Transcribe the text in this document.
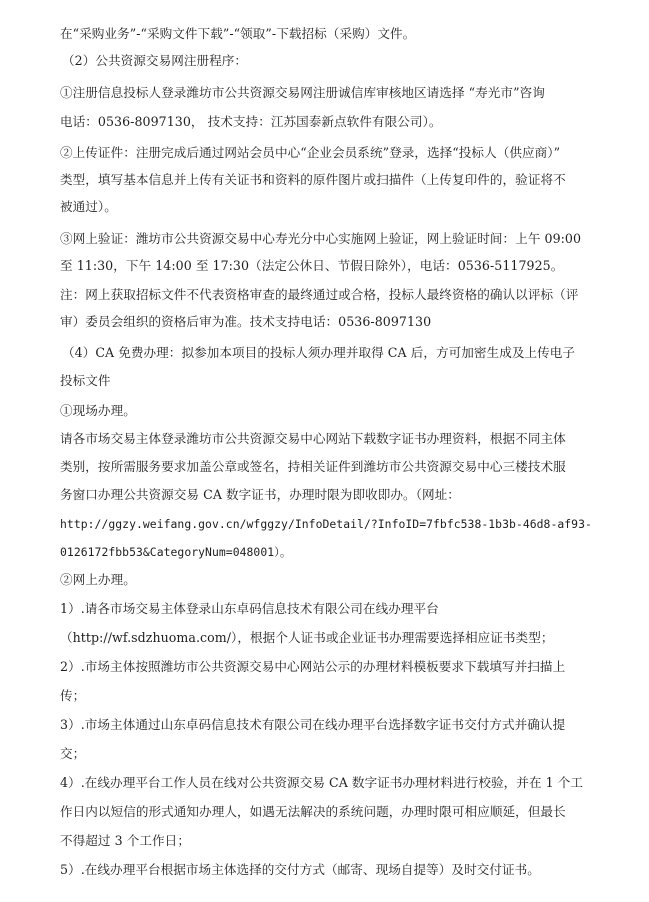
在“采购业务”-“采购文件下载”-“领取”-下载招标（采购）文件。
（2）公共资源交易网注册程序：
①注册信息投标人登录潍坊市公共资源交易网注册诚信库审核地区请选择 “寿光市”咨询
电话：0536-8097130， 技术支持：江苏国泰新点软件有限公司）。
②上传证件：注册完成后通过网站会员中心“企业会员系统”登录，选择“投标人（供应商）”
类型，填写基本信息并上传有关证书和资料的原件图片或扫描件（上传复印件的，验证将不
被通过）。
③网上验证：潍坊市公共资源交易中心寿光分中心实施网上验证，网上验证时间：上午 09:00
至 11:30，下午 14:00 至 17:30（法定公休日、节假日除外），电话：0536-5117925。
注：网上获取招标文件不代表资格审查的最终通过或合格，投标人最终资格的确认以评标（评
审）委员会组织的资格后审为准。技术支持电话：0536-8097130
（4）CA 免费办理：拟参加本项目的投标人须办理并取得 CA 后，方可加密生成及上传电子
投标文件
①现场办理。
请各市场交易主体登录潍坊市公共资源交易中心网站下载数字证书办理资料，根据不同主体
类别，按所需服务要求加盖公章或签名，持相关证件到潍坊市公共资源交易中心三楼技术服
务窗口办理公共资源交易 CA 数字证书，办理时限为即收即办。（网址：
http://ggzy.weifang.gov.cn/wfggzy/InfoDetail/?InfoID=7fbfc538-1b3b-46d8-af93-
0126172fbb53&CategoryNum=048001）。
②网上办理。
1）.请各市场交易主体登录山东卓码信息技术有限公司在线办理平台
（http://wf.sdzhuoma.com/），根据个人证书或企业证书办理需要选择相应证书类型；
2）.市场主体按照潍坊市公共资源交易中心网站公示的办理材料模板要求下载填写并扫描上
传；
3）.市场主体通过山东卓码信息技术有限公司在线办理平台选择数字证书交付方式并确认提
交；
4）.在线办理平台工作人员在线对公共资源交易 CA 数字证书办理材料进行校验，并在 1 个工
作日内以短信的形式通知办理人，如遇无法解决的系统问题，办理时限可相应顺延，但最长
不得超过 3 个工作日；
5）.在线办理平台根据市场主体选择的交付方式（邮寄、现场自提等）及时交付证书。
